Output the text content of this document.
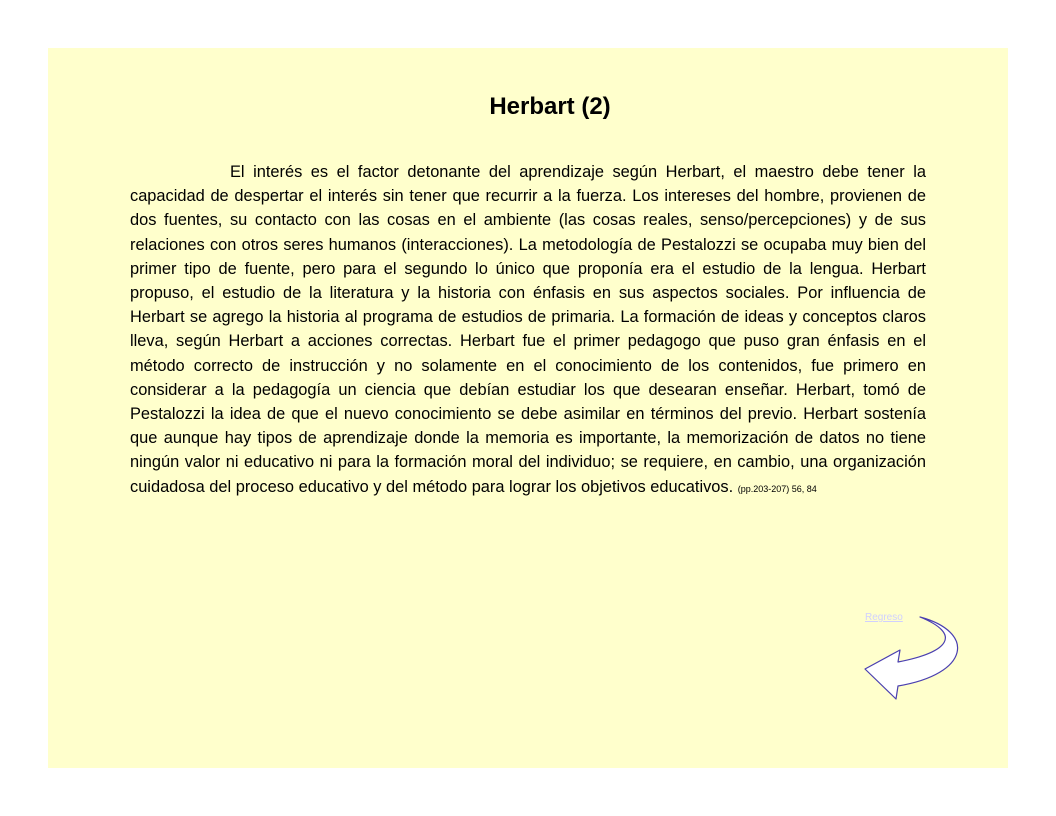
Herbart (2)

El interés es el factor detonante del aprendizaje según Herbart, el maestro debe tener la capacidad de despertar el interés sin tener que recurrir a la fuerza. Los intereses del hombre, provienen de dos fuentes, su contacto con las cosas en el ambiente (las cosas reales, senso/percepciones) y de sus relaciones con otros seres humanos (interacciones). La metodología de Pestalozzi se ocupaba muy bien del primer tipo de fuente, pero para el segundo lo único que proponía era el estudio de la lengua. Herbart propuso, el estudio de la literatura y la historia con énfasis en sus aspectos sociales. Por influencia de Herbart se agrego la historia al programa de estudios de primaria. La formación de ideas y conceptos claros lleva, según Herbart a acciones correctas. Herbart fue el primer pedagogo que puso gran énfasis en el método correcto de instrucción y no solamente en el conocimiento de los contenidos, fue primero en considerar a la pedagogía un ciencia que debían estudiar los que desearan enseñar. Herbart, tomó de Pestalozzi la idea de que el nuevo conocimiento se debe asimilar en términos del previo. Herbart sostenía que aunque hay tipos de aprendizaje donde la memoria es importante, la memorización de datos no tiene ningún valor ni educativo ni para la formación moral del individuo; se requiere, en cambio, una organización cuidadosa del proceso educativo y del método para lograr los objetivos educativos. (pp.203-207) 56, 84

Regreso
